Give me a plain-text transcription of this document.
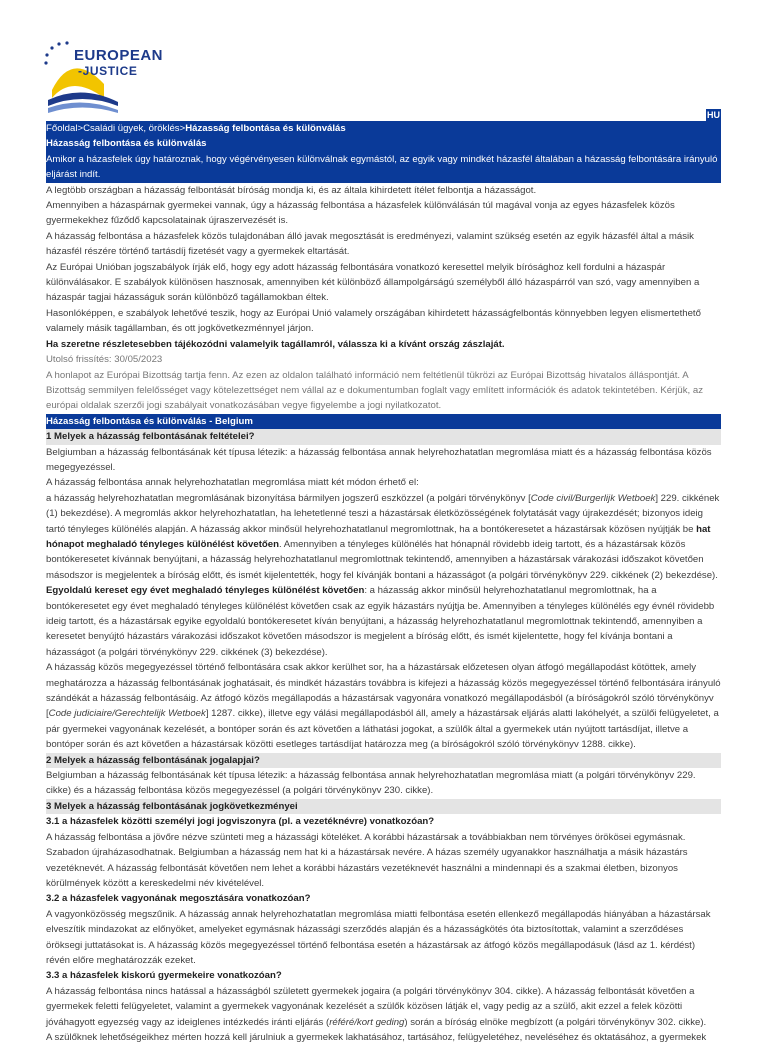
EUROPEAN
-JUSTICE
HU
Főoldal>Családi ügyek, öröklés>Házasság felbontása és különválás
Házasság felbontása és különválás
Amikor a házasfelek úgy határoznak, hogy végérvényesen különválnak egymástól, az egyik vagy mindkét házasfél általában a házasság felbontására irányuló eljárást indít.

A legtöbb országban a házasság felbontását bíróság mondja ki, és az általa kihirdetett ítélet felbontja a házasságot.

Amennyiben a házaspárnak gyermekei vannak, úgy a házasság felbontása a házasfelek különválásán túl magával vonja az egyes házasfelek közös gyermekekhez fűződő kapcsolatainak újraszervezését is.

A házasság felbontása a házasfelek közös tulajdonában álló javak megosztását is eredményezi, valamint szükség esetén az egyik házasfél által a másik házasfél részére történő tartásdíj fizetését vagy a gyermekek eltartását.

Az Európai Unióban jogszabályok írják elő, hogy egy adott házasság felbontására vonatkozó keresettel melyik bírósághoz kell fordulni a házaspár különválásakor. E szabályok különösen hasznosak, amennyiben két különböző állampolgárságú személyből álló házaspárról van szó, vagy amennyiben a házaspár tagjai házasságuk során különböző tagállamokban éltek.

Hasonlóképpen, e szabályok lehetővé teszik, hogy az Európai Unió valamely országában kihirdetett házasságfelbontás könnyebben legyen elismertethető valamely másik tagállamban, és ott jogkövetkezménnyel járjon.

Ha szeretne részletesebben tájékozódni valamelyik tagállamról, válassza ki a kívánt ország zászlaját.

Utolsó frissítés: 30/05/2023

A honlapot az Európai Bizottság tartja fenn. Az ezen az oldalon található információ nem feltétlenül tükrözi az Európai Bizottság hivatalos álláspontját. A Bizottság semmilyen felelősséget vagy kötelezettséget nem vállal az e dokumentumban foglalt vagy említett információk és adatok tekintetében. Kérjük, az európai oldalak szerzői jogi szabályait vonatkozásában vegye figyelembe a jogi nyilatkozatot.

Házasság felbontása és különválás - Belgium
1 Melyek a házasság felbontásának feltételei?

Belgiumban a házasság felbontásának két típusa létezik: a házasság felbontása annak helyrehozhatatlan megromlása miatt és a házasság felbontása közös megegyezéssel.

A házasság felbontása annak helyrehozhatatlan megromlása miatt két módon érhető el:

a házasság helyrehozhatatlan megromlásának bizonyítása bármilyen jogszerű eszközzel (a polgári törvénykönyv [Code civil/Burgerlijk Wetboek] 229. cikkének (1) bekezdése). A megromlás akkor helyrehozhatatlan, ha lehetetlenné teszi a házastársak életközösségének folytatását vagy újrakezdését; bizonyos ideig tartó tényleges különélés alapján. A házasság akkor minősül helyrehozhatatlanul megromlottnak, ha a bontókeresetet a házastársak közösen nyújtják be hat hónapot meghaladó tényleges különélést követően. Amennyiben a tényleges különélés hat hónapnál rövidebb ideig tartott, és a házastársak közös bontókeresetet kívánnak benyújtani, a házasság helyrehozhatatlanul megromlottnak tekintendő, amennyiben a házastársak várakozási időszakot követően másodszor is megjelentek a bíróság előtt, és ismét kijelentették, hogy fel kívánják bontani a házasságot (a polgári törvénykönyv 229. cikkének (2) bekezdése). Egyoldalú kereset egy évet meghaladó tényleges különélést követően: a házasság akkor minősül helyrehozhatatlanul megromlottnak, ha a bontókeresetet egy évet meghaladó tényleges különélést követően csak az egyik házastárs nyújtja be. Amennyiben a tényleges különélés egy évnél rövidebb ideig tartott, és a házastársak egyike egyoldalú bontókeresetet kíván benyújtani, a házasság helyrehozhatatlanul megromlottnak tekintendő, amennyiben a keresetet benyújtó házastárs várakozási időszakot követően másodszor is megjelent a bíróság előtt, és ismét kijelentette, hogy fel kívánja bontani a házasságot (a polgári törvénykönyv 229. cikkének (3) bekezdése).

A házasság közös megegyezéssel történő felbontására csak akkor kerülhet sor, ha a házastársak előzetesen olyan átfogó megállapodást kötöttek, amely meghatározza a házasság felbontásának joghatásait, és mindkét házastárs továbbra is kifejezi a házasság közös megegyezéssel történő felbontására irányuló szándékát a házasság felbontásáig. Az átfogó közös megállapodás a házastársak vagyonára vonatkozó megállapodásból (a bíróságokról szóló törvénykönyv [Code judiciaire/Gerechtelijk Wetboek] 1287. cikke), illetve egy válási megállapodásból áll, amely a házastársak eljárás alatti lakóhelyét, a szülői felügyeletet, a pár gyermekei vagyonának kezelését, a bontóper során és azt követően a láthatási jogokat, a szülők által a gyermekek után nyújtott tartásdíjat, illetve a bontóper során és azt követően a házastársak közötti esetleges tartásdíjat határozza meg (a bíróságokról szóló törvénykönyv 1288. cikke).

2 Melyek a házasság felbontásának jogalapjai?

Belgiumban a házasság felbontásának két típusa létezik: a házasság felbontása annak helyrehozhatatlan megromlása miatt (a polgári törvénykönyv 229. cikke) és a házasság felbontása közös megegyezéssel (a polgári törvénykönyv 230. cikke).

3 Melyek a házasság felbontásának jogkövetkezményei

3.1 a házasfelek közötti személyi jogi jogviszonyra (pl. a vezetéknévre) vonatkozóan?

A házasság felbontása a jövőre nézve szünteti meg a házassági köteléket. A korábbi házastársak a továbbiakban nem törvényes örökösei egymásnak. Szabadon újraházasodhatnak. Belgiumban a házasság nem hat ki a házastársak nevére. A házas személy ugyanakkor használhatja a másik házastárs vezetéknevét. A házasság felbontását követően nem lehet a korábbi házastárs vezetéknevét használni a mindennapi és a szakmai életben, bizonyos körülmények között a kereskedelmi név kivételével.

3.2 a házasfelek vagyonának megosztására vonatkozóan?

A vagyonközösség megszűnik. A házasság annak helyrehozhatatlan megromlása miatti felbontása esetén ellenkező megállapodás hiányában a házastársak elveszítik mindazokat az előnyöket, amelyeket egymásnak házassági szerződés alapján és a házasságkötés óta biztosítottak, valamint a szerződéses öröksegi juttatásokat is. A házasság közös megegyezéssel történő felbontása esetén a házastársak az átfogó közös megállapodásuk (lásd az 1. kérdést) révén előre meghatározzák ezeket.

3.3 a házasfelek kiskorú gyermekeire vonatkozóan?

A házasság felbontása nincs hatással a házasságból született gyermekek jogaira (a polgári törvénykönyv 304. cikke). A házasság felbontását követően a gyermekek feletti felügyeletet, valamint a gyermekek vagyonának kezelését a szülők közösen látják el, vagy pedig az a szülő, akit ezzel a felek közötti jóváhagyott egyezség vagy az ideiglenes intézkedés iránti eljárás (référé/kort geding) során a bíróság elnöke megbízott (a polgári törvénykönyv 302. cikke).

A szülőknek lehetőségeikhez mérten hozzá kell járulniuk a gyermekek lakhatásához, tartásához, felügyeletéhez, neveléséhez és oktatásához, a gyermekek
